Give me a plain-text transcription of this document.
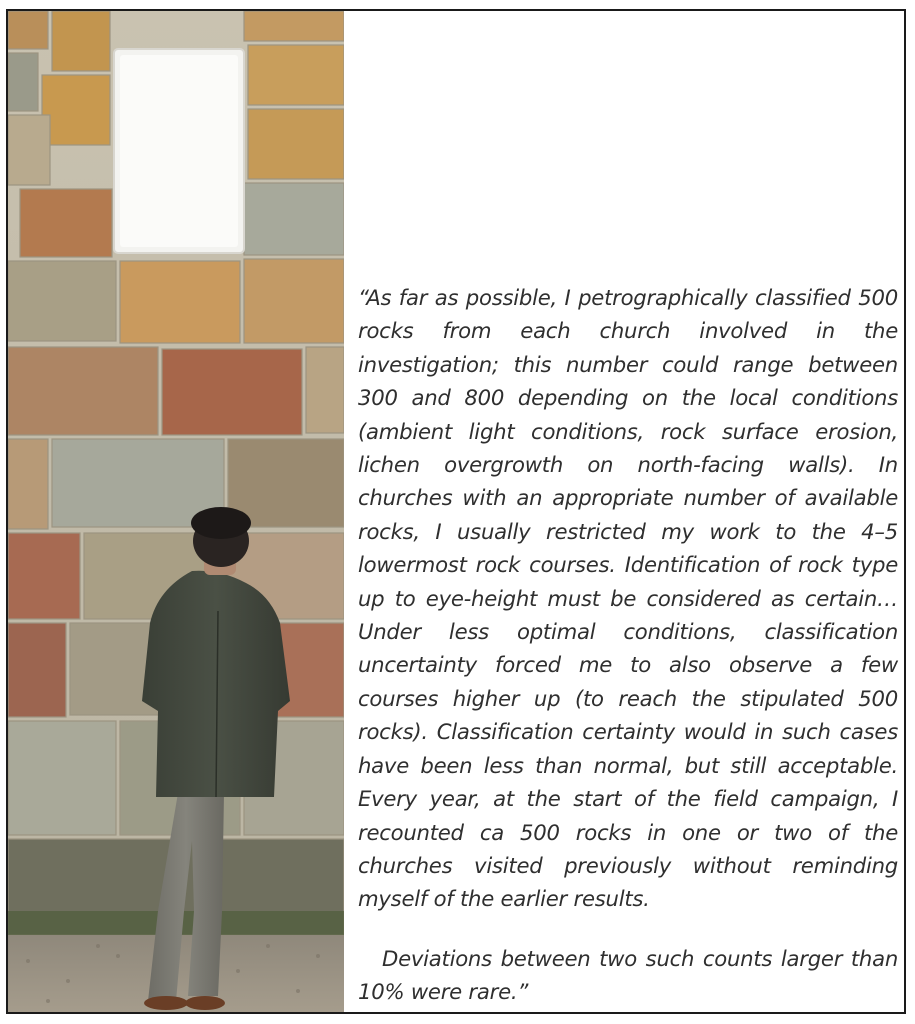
“As far as possible, I petrographically classified 500 rocks from each church involved in the investigation; this number could range between 300 and 800 depending on the local conditions (ambient light conditions, rock surface erosion, lichen overgrowth on north-facing walls). In churches with an appropriate number of available rocks, I usually restricted my work to the 4–5 lowermost rock courses. Identification of rock type up to eye-height must be considered as certain… Under less optimal conditions, classification uncertainty forced me to also observe a few courses higher up (to reach the stipulated 500 rocks). Classification certainty would in such cases have been less than normal, but still acceptable. Every year, at the start of the field campaign, I recounted ca 500 rocks in one or two of the churches visited previously without reminding myself of the earlier results.

Deviations between two such counts larger than 10% were rare.”
